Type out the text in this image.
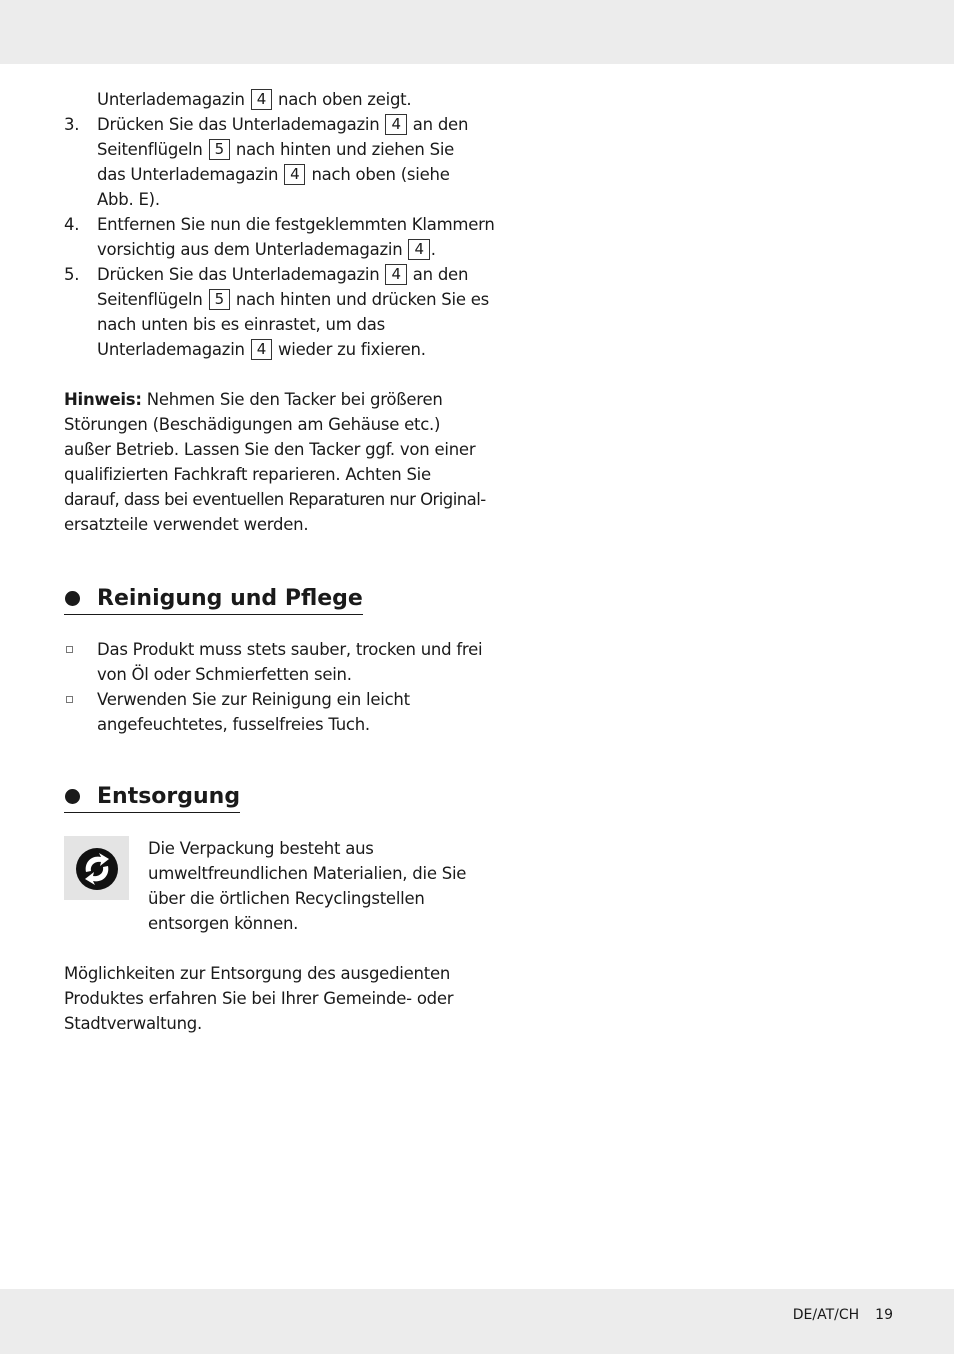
Unterlademagazin 4 nach oben zeigt.
3. Drücken Sie das Unterlademagazin 4 an den
Seitenflügeln 5 nach hinten und ziehen Sie
das Unterlademagazin 4 nach oben (siehe
Abb. E).
4. Entfernen Sie nun die festgeklemmten Klammern
vorsichtig aus dem Unterlademagazin 4 .
5. Drücken Sie das Unterlademagazin 4 an den
Seitenflügeln 5 nach hinten und drücken Sie es
nach unten bis es einrastet, um das
Unterlademagazin 4 wieder zu fixieren.
Hinweis: Nehmen Sie den Tacker bei größeren
Störungen (Beschädigungen am Gehäuse etc.)
außer Betrieb. Lassen Sie den Tacker ggf. von einer
qualifizierten Fachkraft reparieren. Achten Sie
darauf, dass bei eventuellen Reparaturen nur Original-
ersatzteile verwendet werden.
Reinigung und Pflege
Das Produkt muss stets sauber, trocken und frei
von Öl oder Schmierfetten sein.
Verwenden Sie zur Reinigung ein leicht
angefeuchtetes, fusselfreies Tuch.
Entsorgung
Die Verpackung besteht aus
umweltfreundlichen Materialien, die Sie
über die örtlichen Recyclingstellen
entsorgen können.
Möglichkeiten zur Entsorgung des ausgedienten
Produktes erfahren Sie bei Ihrer Gemeinde- oder
Stadtverwaltung.
DE/AT/CH 19
